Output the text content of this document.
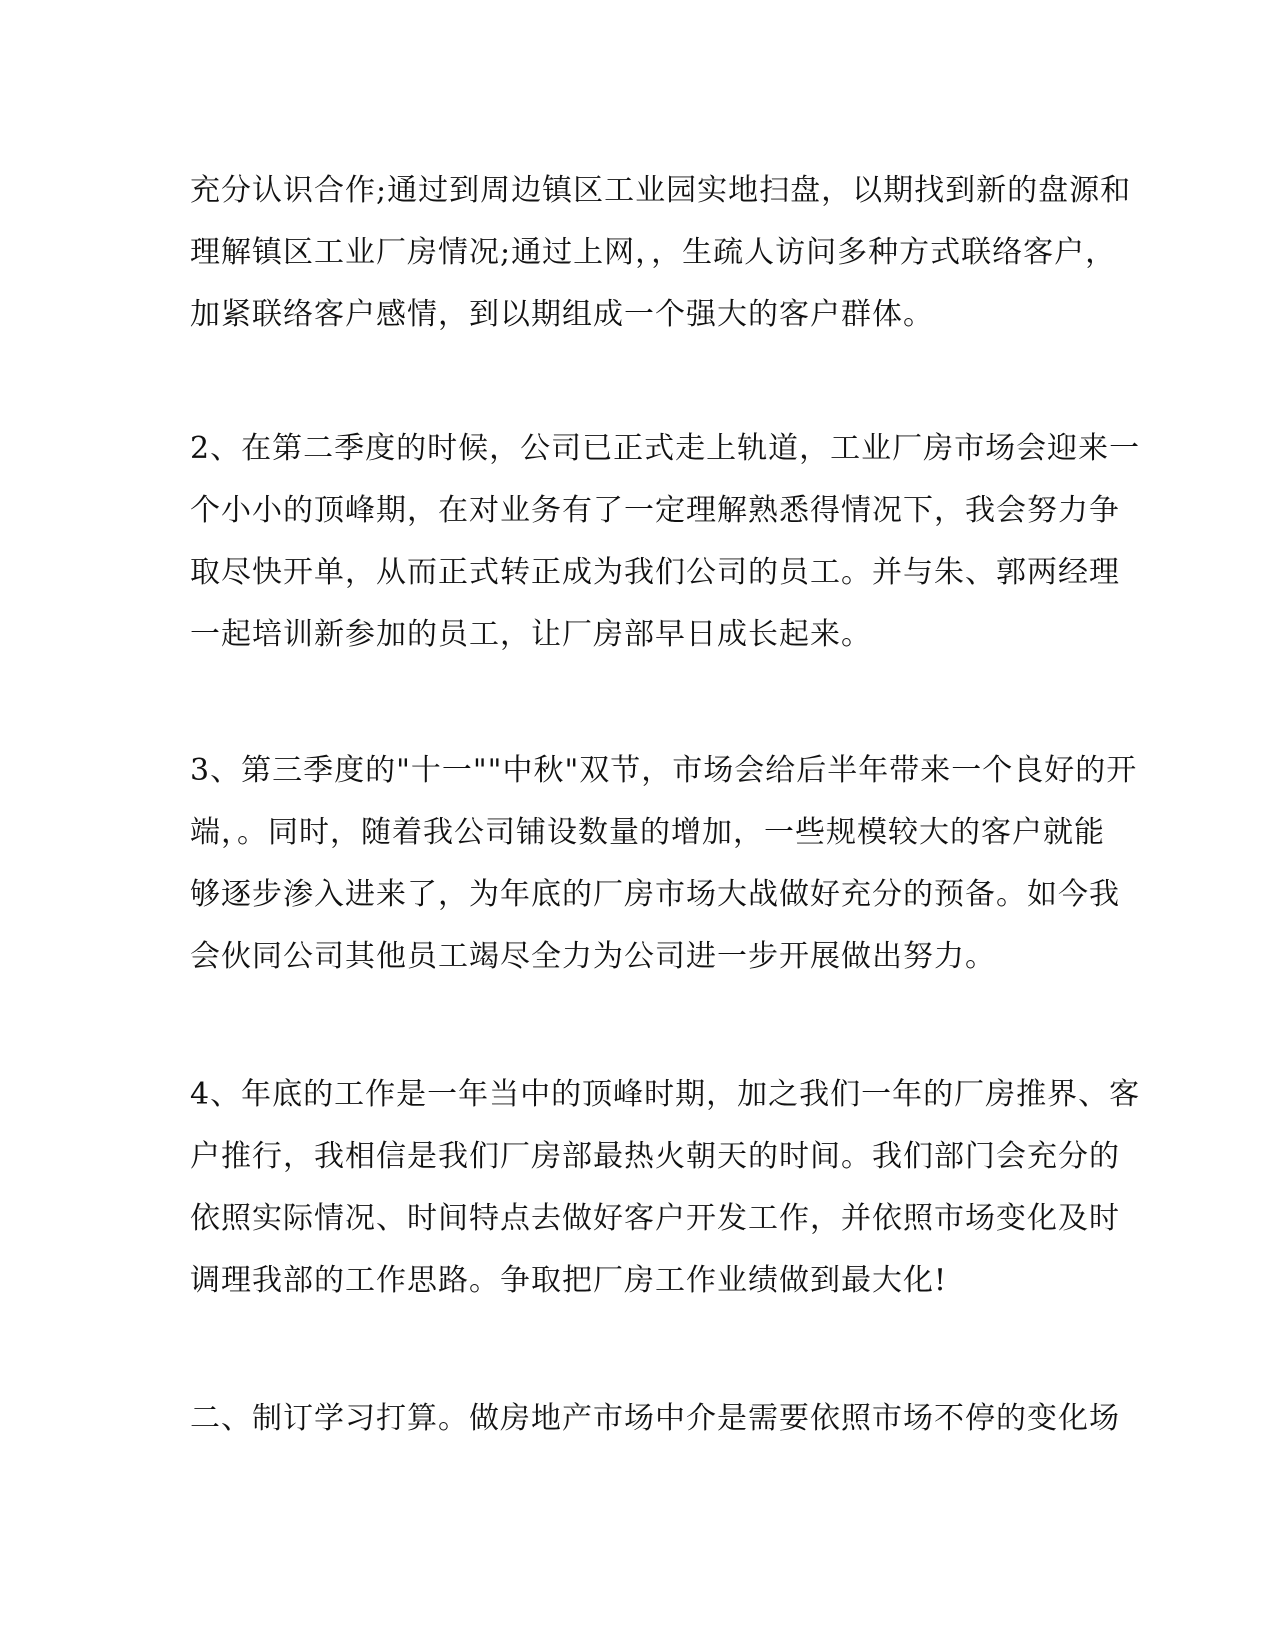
充分认识合作;通过到周边镇区工业园实地扫盘，以期找到新的盘源和
理解镇区工业厂房情况;通过上网，，生疏人访问多种方式联络客户，
加紧联络客户感情，到以期组成一个强大的客户群体。
2、在第二季度的时候，公司已正式走上轨道，工业厂房市场会迎来一
个小小的顶峰期，在对业务有了一定理解熟悉得情况下，我会努力争
取尽快开单，从而正式转正成为我们公司的员工。并与朱、郭两经理
一起培训新参加的员工，让厂房部早日成长起来。
3、第三季度的"十一""中秋"双节，市场会给后半年带来一个良好的开
端，。同时，随着我公司铺设数量的增加，一些规模较大的客户就能
够逐步渗入进来了，为年底的厂房市场大战做好充分的预备。如今我
会伙同公司其他员工竭尽全力为公司进一步开展做出努力。
4、年底的工作是一年当中的顶峰时期，加之我们一年的厂房推界、客
户推行，我相信是我们厂房部最热火朝天的时间。我们部门会充分的
依照实际情况、时间特点去做好客户开发工作，并依照市场变化及时
调理我部的工作思路。争取把厂房工作业绩做到最大化!
二、制订学习打算。做房地产市场中介是需要依照市场不停的变化场
